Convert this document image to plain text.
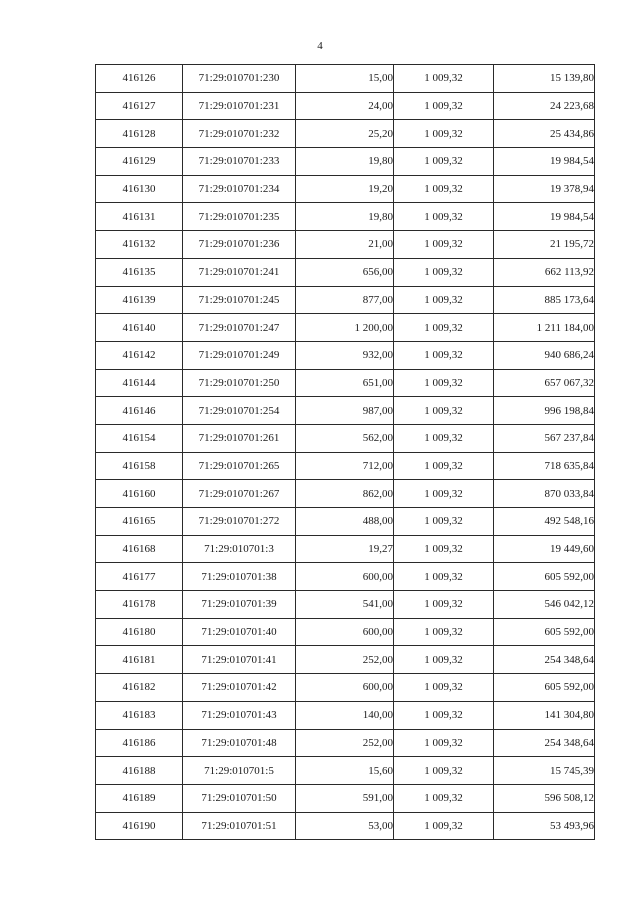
4
416126	71:29:010701:230	15,00	1 009,32	15 139,80
416127	71:29:010701:231	24,00	1 009,32	24 223,68
416128	71:29:010701:232	25,20	1 009,32	25 434,86
416129	71:29:010701:233	19,80	1 009,32	19 984,54
416130	71:29:010701:234	19,20	1 009,32	19 378,94
416131	71:29:010701:235	19,80	1 009,32	19 984,54
416132	71:29:010701:236	21,00	1 009,32	21 195,72
416135	71:29:010701:241	656,00	1 009,32	662 113,92
416139	71:29:010701:245	877,00	1 009,32	885 173,64
416140	71:29:010701:247	1 200,00	1 009,32	1 211 184,00
416142	71:29:010701:249	932,00	1 009,32	940 686,24
416144	71:29:010701:250	651,00	1 009,32	657 067,32
416146	71:29:010701:254	987,00	1 009,32	996 198,84
416154	71:29:010701:261	562,00	1 009,32	567 237,84
416158	71:29:010701:265	712,00	1 009,32	718 635,84
416160	71:29:010701:267	862,00	1 009,32	870 033,84
416165	71:29:010701:272	488,00	1 009,32	492 548,16
416168	71:29:010701:3	19,27	1 009,32	19 449,60
416177	71:29:010701:38	600,00	1 009,32	605 592,00
416178	71:29:010701:39	541,00	1 009,32	546 042,12
416180	71:29:010701:40	600,00	1 009,32	605 592,00
416181	71:29:010701:41	252,00	1 009,32	254 348,64
416182	71:29:010701:42	600,00	1 009,32	605 592,00
416183	71:29:010701:43	140,00	1 009,32	141 304,80
416186	71:29:010701:48	252,00	1 009,32	254 348,64
416188	71:29:010701:5	15,60	1 009,32	15 745,39
416189	71:29:010701:50	591,00	1 009,32	596 508,12
416190	71:29:010701:51	53,00	1 009,32	53 493,96
